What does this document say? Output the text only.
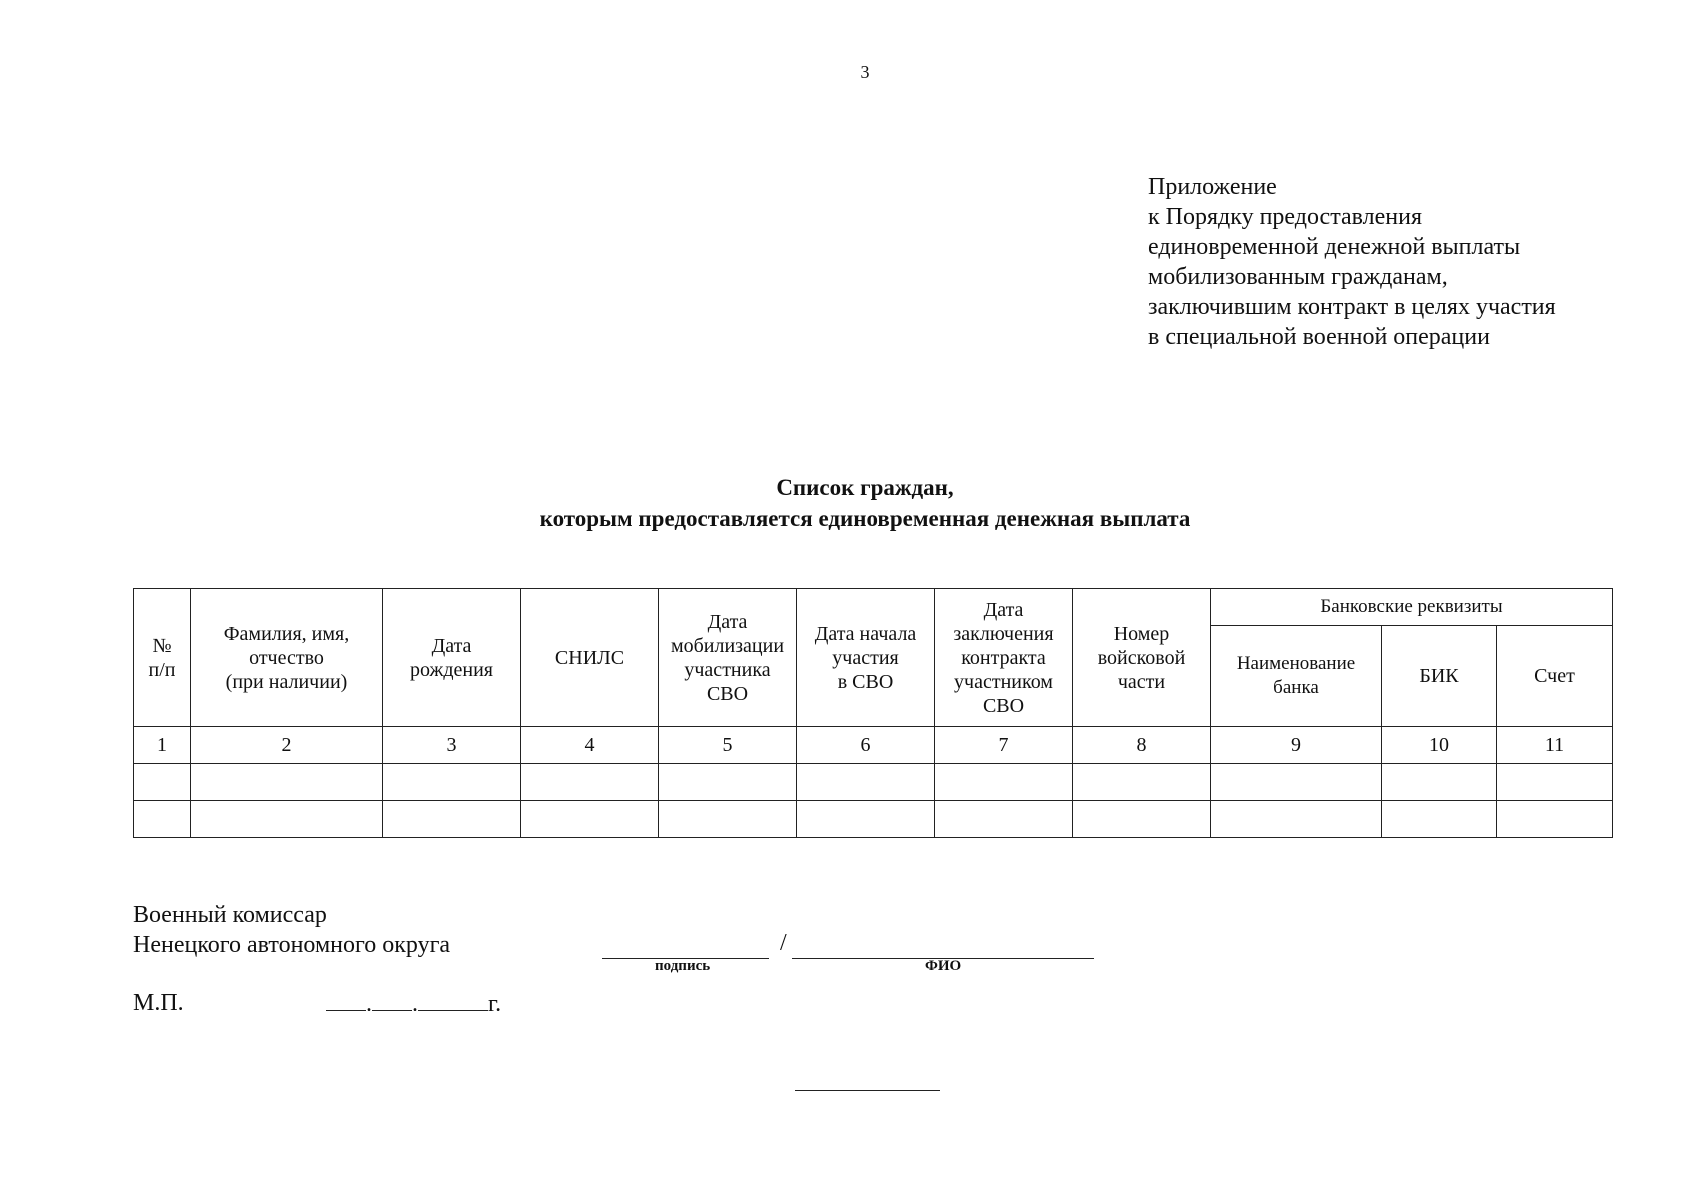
3
Приложение
к Порядку предоставления
единовременной денежной выплаты
мобилизованным гражданам,
заключившим контракт в целях участия
в специальной военной операции
Список граждан,
которым предоставляется единовременная денежная выплата
№
п/п	Фамилия, имя,
отчество
(при наличии)	Дата
рождения	СНИЛС	Дата
мобилизации
участника
СВО	Дата начала
участия
в СВО	Дата
заключения
контракта
участником
СВО	Номер
войсковой
части	Банковские реквизиты		
								Наименование
банка	БИК	Счет
1	2	3	4	5	6	7	8	9	10	11

Военный комиссар
Ненецкого автономного округа	/
подпись	ФИО
М.П.	. .	г.
